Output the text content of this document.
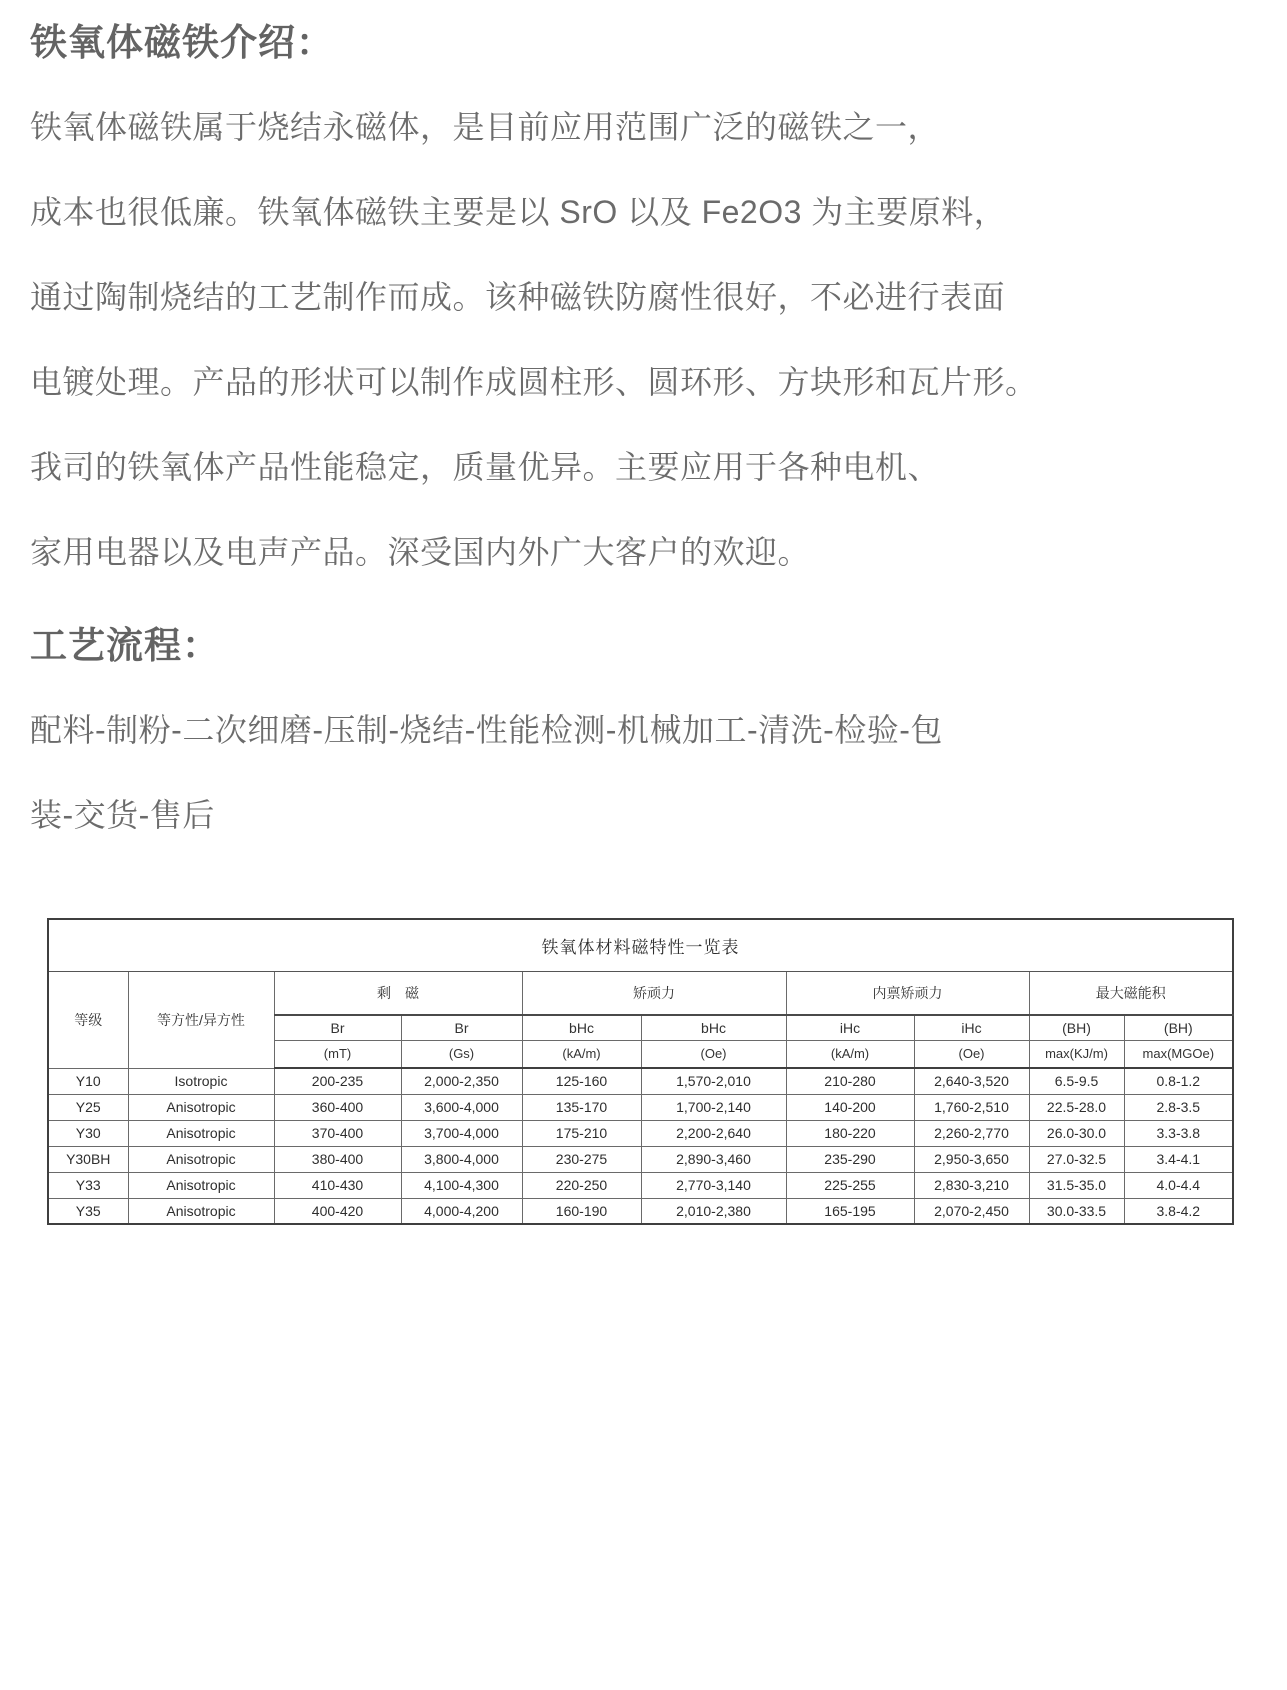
铁氧体磁铁介绍：
铁氧体磁铁属于烧结永磁体，是目前应用范围广泛的磁铁之一，
成本也很低廉。铁氧体磁铁主要是以 SrO 以及 Fe2O3 为主要原料，
通过陶制烧结的工艺制作而成。该种磁铁防腐性很好，不必进行表面
电镀处理。产品的形状可以制作成圆柱形、圆环形、方块形和瓦片形。
我司的铁氧体产品性能稳定，质量优异。主要应用于各种电机、
家用电器以及电声产品。深受国内外广大客户的欢迎。
工艺流程：
配料-制粉-二次细磨-压制-烧结-性能检测-机械加工-清洗-检验-包
装-交货-售后
铁氧体材料磁特性一览表									
等级	等方性/异方性	剩　磁		矫顽力		内禀矫顽力		最大磁能积	
		Br	Br	bHc	bHc	iHc	iHc	(BH)	(BH)
		(mT)	(Gs)	(kA/m)	(Oe)	(kA/m)	(Oe)	max(KJ/m)	max(MGOe)
Y10	Isotropic	200-235	2,000-2,350	125-160	1,570-2,010	210-280	2,640-3,520	6.5-9.5	0.8-1.2
Y25	Anisotropic	360-400	3,600-4,000	135-170	1,700-2,140	140-200	1,760-2,510	22.5-28.0	2.8-3.5
Y30	Anisotropic	370-400	3,700-4,000	175-210	2,200-2,640	180-220	2,260-2,770	26.0-30.0	3.3-3.8
Y30BH	Anisotropic	380-400	3,800-4,000	230-275	2,890-3,460	235-290	2,950-3,650	27.0-32.5	3.4-4.1
Y33	Anisotropic	410-430	4,100-4,300	220-250	2,770-3,140	225-255	2,830-3,210	31.5-35.0	4.0-4.4
Y35	Anisotropic	400-420	4,000-4,200	160-190	2,010-2,380	165-195	2,070-2,450	30.0-33.5	3.8-4.2
